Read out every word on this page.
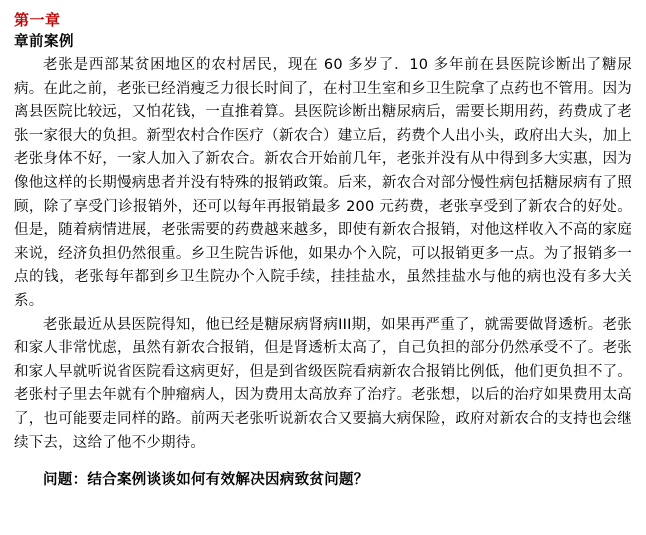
第一章
章前案例

老张是西部某贫困地区的农村居民，现在 60 多岁了．10 多年前在县医院诊断出了糖尿病。在此之前，老张已经消瘦乏力很长时间了，在村卫生室和乡卫生院拿了点药也不管用。因为离县医院比较远，又怕花钱，一直推着算。县医院诊断出糖尿病后，需要长期用药，药费成了老张一家很大的负担。新型农村合作医疗（新农合）建立后，药费个人出小头，政府出大头，加上老张身体不好，一家人加入了新农合。新农合开始前几年，老张并没有从中得到多大实惠，因为像他这样的长期慢病患者并没有特殊的报销政策。后来，新农合对部分慢性病包括糖尿病有了照顾，除了享受门诊报销外，还可以每年再报销最多 200 元药费，老张享受到了新农合的好处。但是，随着病情进展，老张需要的药费越来越多，即使有新农合报销，对他这样收入不高的家庭来说，经济负担仍然很重。乡卫生院告诉他，如果办个入院，可以报销更多一点。为了报销多一点的钱，老张每年都到乡卫生院办个入院手续，挂挂盐水，虽然挂盐水与他的病也没有多大关系。

老张最近从县医院得知，他已经是糖尿病肾病III期，如果再严重了，就需要做肾透析。老张和家人非常忧虑，虽然有新农合报销，但是肾透析太高了，自己负担的部分仍然承受不了。老张和家人早就听说省医院看这病更好，但是到省级医院看病新农合报销比例低，他们更负担不了。老张村子里去年就有个肿瘤病人，因为费用太高放弃了治疗。老张想，以后的治疗如果费用太高了，也可能要走同样的路。前两天老张听说新农合又要搞大病保险，政府对新农合的支持也会继续下去，这给了他不少期待。

问题：结合案例谈谈如何有效解决因病致贫问题？
